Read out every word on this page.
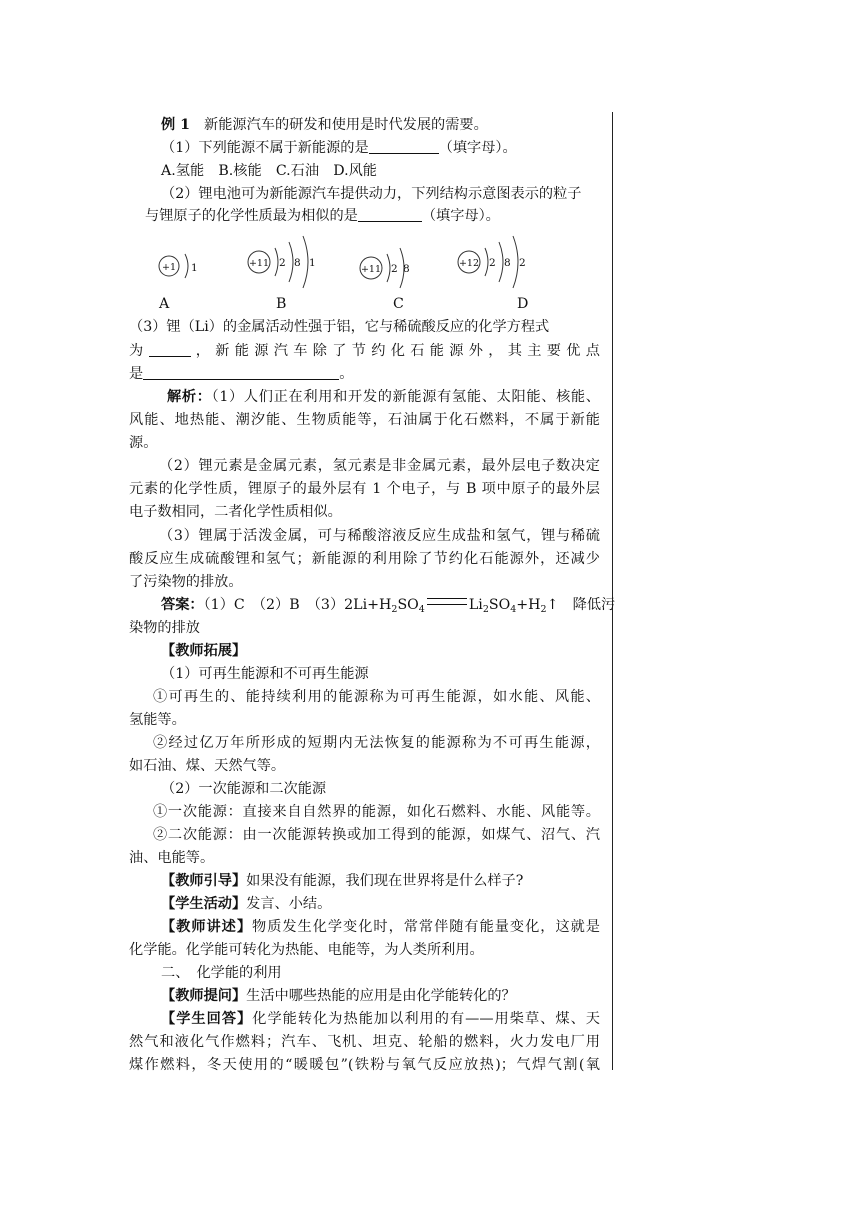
例 1 新能源汽车的研发和使用是时代发展的需要。
（1）下列能源不属于新能源的是	（填字母）。
A.氢能　B.核能　C.石油　D.风能
（2）锂电池可为新能源汽车提供动力，下列结构示意图表示的粒子
与锂原子的化学性质最为相似的是	（填字母）。
+1 1	+11 2 8 1
+11 2 8	+12 2 8 2
A	B	C	D
（3）锂（Li）的金属活动性强于铝，它与稀硫酸反应的化学方程式
为	，新能源汽车除了节约化石能源外，其主要优点
是	。
解析：（1）人们正在利用和开发的新能源有氢能、太阳能、核能、
风能、地热能、潮汐能、生物质能等，石油属于化石燃料，不属于新能
源。
（2）锂元素是金属元素，氢元素是非金属元素，最外层电子数决定
元素的化学性质，锂原子的最外层有 1 个电子，与 B 项中原子的最外层
电子数相同，二者化学性质相似。
（3）锂属于活泼金属，可与稀酸溶液反应生成盐和氢气，锂与稀硫
酸反应生成硫酸锂和氢气；新能源的利用除了节约化石能源外，还减少
了污染物的排放。
答案：（1）C　（2）B　$(3)2Li+H_2SO_4$	$Li_2SO_4+H_2↑$　降低污
染物的排放
【教师拓展】
（1）可再生能源和不可再生能源
①可再生的、能持续利用的能源称为可再生能源，如水能、风能、
氢能等。
②经过亿万年所形成的短期内无法恢复的能源称为不可再生能源，
如石油、煤、天然气等。
（2）一次能源和二次能源
①一次能源：直接来自自然界的能源，如化石燃料、水能、风能等。
②二次能源：由一次能源转换或加工得到的能源，如煤气、沼气、汽
油、电能等。
【教师引导】如果没有能源，我们现在世界将是什么样子?
【学生活动】发言、小结。
【教师讲述】物质发生化学变化时，常常伴随有能量变化，这就是
化学能。化学能可转化为热能、电能等，为人类所利用。
二、　化学能的利用
【教师提问】生活中哪些热能的应用是由化学能转化的？
【学生回答】化学能转化为热能加以利用的有——用柴草、煤、天
然气和液化气作燃料；汽车、飞机、坦克、轮船的燃料，火力发电厂用
煤作燃料，冬天使用的“暖暖包”(铁粉与氧气反应放热)；气焊气割(氧
